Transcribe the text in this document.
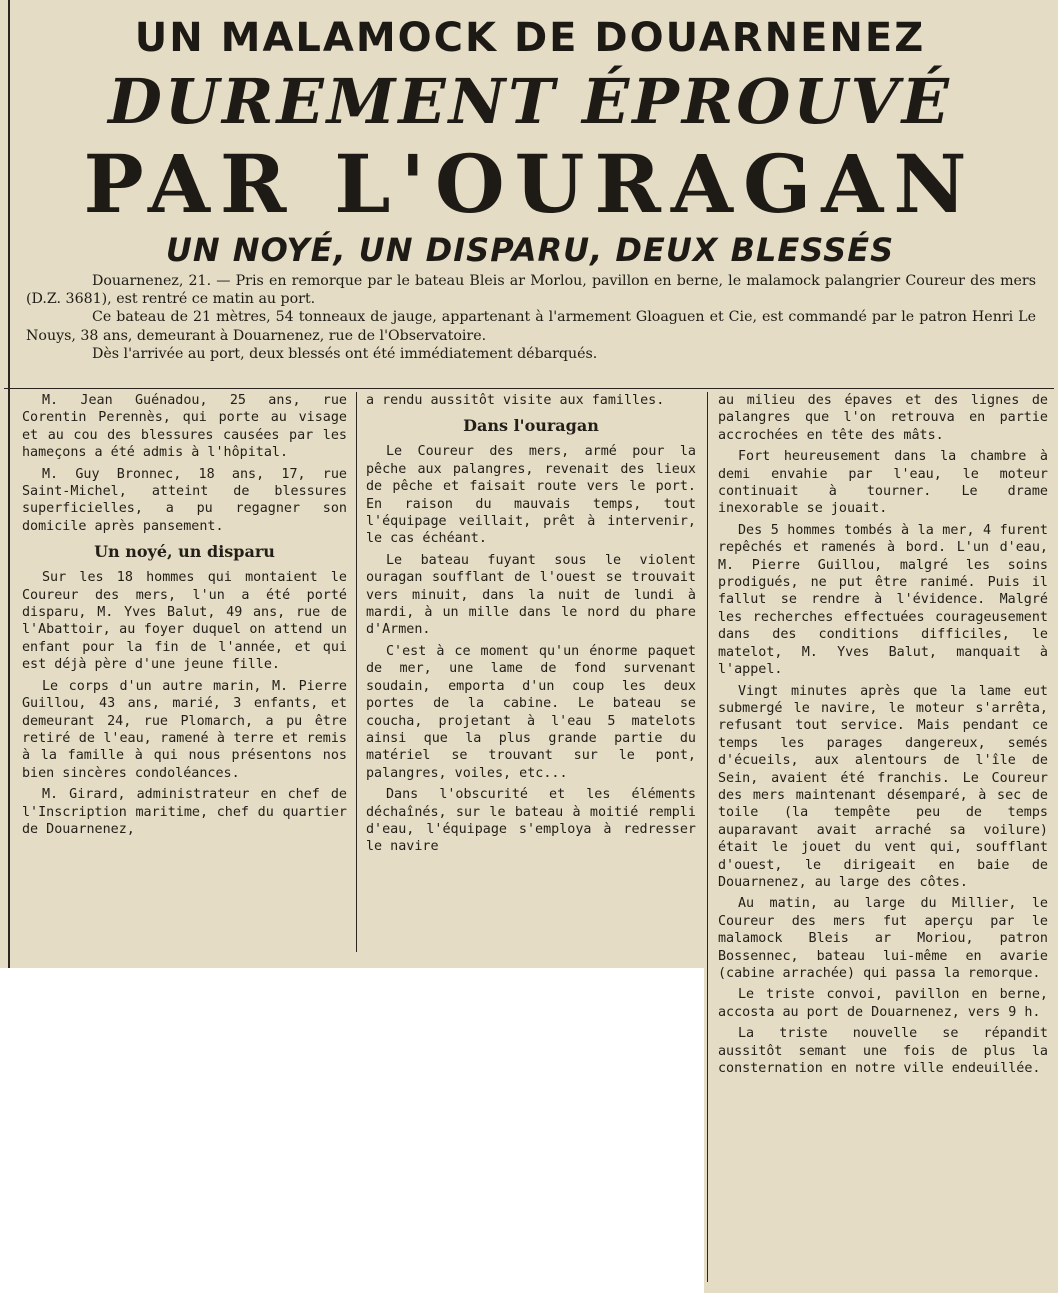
UN MALAMOCK DE DOUARNENEZ
DUREMENT ÉPROUVÉ
PAR L'OURAGAN
UN NOYÉ, UN DISPARU, DEUX BLESSÉS

Douarnenez, 21. — Pris en remorque par le bateau Bleis ar Morlou, pavillon en berne, le malamock palangrier Coureur des mers (D.Z. 3681), est rentré ce matin au port.

Ce bateau de 21 mètres, 54 tonneaux de jauge, appartenant à l'armement Gloaguen et Cie, est commandé par le patron Henri Le Nouys, 38 ans, demeurant à Douarnenez, rue de l'Observatoire.

Dès l'arrivée au port, deux blessés ont été immédiatement débarqués.

M. Jean Guénadou, 25 ans, rue Corentin Perennès, qui porte au visage et au cou des blessures causées par les hameçons a été admis à l'hôpital.

M. Guy Bronnec, 18 ans, 17, rue Saint-Michel, atteint de blessures superficielles, a pu regagner son domicile après pansement.

Un noyé, un disparu

Sur les 18 hommes qui montaient le Coureur des mers, l'un a été porté disparu, M. Yves Balut, 49 ans, rue de l'Abattoir, au foyer duquel on attend un enfant pour la fin de l'année, et qui est déjà père d'une jeune fille.

Le corps d'un autre marin, M. Pierre Guillou, 43 ans, marié, 3 enfants, et demeurant 24, rue Plomarch, a pu être retiré de l'eau, ramené à terre et remis à la famille à qui nous présentons nos bien sincères condoléances.

M. Girard, administrateur en chef de l'Inscription maritime, chef du quartier de Douarnenez,

a rendu aussitôt visite aux familles.

Dans l'ouragan

Le Coureur des mers, armé pour la pêche aux palangres, revenait des lieux de pêche et faisait route vers le port. En raison du mauvais temps, tout l'équipage veillait, prêt à intervenir, le cas échéant.

Le bateau fuyant sous le violent ouragan soufflant de l'ouest se trouvait vers minuit, dans la nuit de lundi à mardi, à un mille dans le nord du phare d'Armen.

C'est à ce moment qu'un énorme paquet de mer, une lame de fond survenant soudain, emporta d'un coup les deux portes de la cabine. Le bateau se coucha, projetant à l'eau 5 matelots ainsi que la plus grande partie du matériel se trouvant sur le pont, palangres, voiles, etc...

Dans l'obscurité et les éléments déchaînés, sur le bateau à moitié rempli d'eau, l'équipage s'employa à redresser le navire

au milieu des épaves et des lignes de palangres que l'on retrouva en partie accrochées en tête des mâts.

Fort heureusement dans la chambre à demi envahie par l'eau, le moteur continuait à tourner. Le drame inexorable se jouait.

Des 5 hommes tombés à la mer, 4 furent repêchés et ramenés à bord. L'un d'eau, M. Pierre Guillou, malgré les soins prodigués, ne put être ranimé. Puis il fallut se rendre à l'évidence. Malgré les recherches effectuées courageusement dans des conditions difficiles, le matelot, M. Yves Balut, manquait à l'appel.

Vingt minutes après que la lame eut submergé le navire, le moteur s'arrêta, refusant tout service. Mais pendant ce temps les parages dangereux, semés d'écueils, aux alentours de l'île de Sein, avaient été franchis. Le Coureur des mers maintenant désemparé, à sec de toile (la tempête peu de temps auparavant avait arraché sa voilure) était le jouet du vent qui, soufflant d'ouest, le dirigeait en baie de Douarnenez, au large des côtes.

Au matin, au large du Millier, le Coureur des mers fut aperçu par le malamock Bleis ar Moriou, patron Bossennec, bateau lui-même en avarie (cabine arrachée) qui passa la remorque.

Le triste convoi, pavillon en berne, accosta au port de Douarnenez, vers 9 h.

La triste nouvelle se répandit aussitôt semant une fois de plus la consternation en notre ville endeuillée.
